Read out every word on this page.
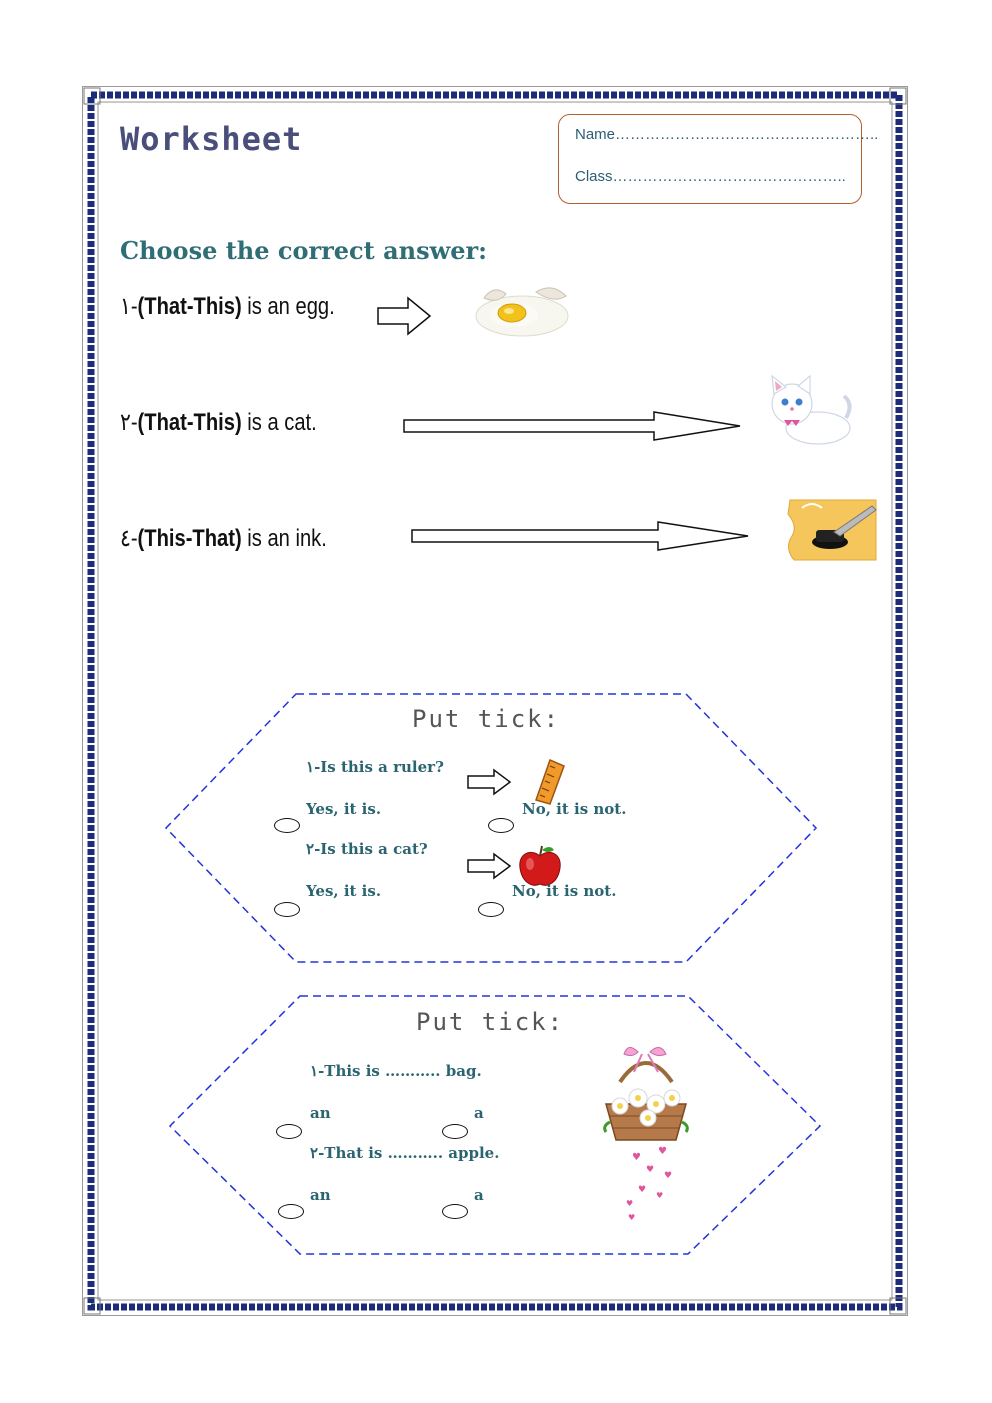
Worksheet	Name……………………………………………..
Class………………………………………..
Choose the correct answer:
١-(That-This) is an egg.
٢-(That-This) is a cat.
٤-(This-That) is an ink.
Put tick:
١-Is this a ruler?
Yes, it is.	No, it is not.
٢-Is this a cat?
Yes, it is.	No, it is not.
Put tick:
١-This is ……….. bag.
an	a
٢-That is ……….. apple.
an	a
♥
♥
♥
♥
♥
♥
♥
♥
